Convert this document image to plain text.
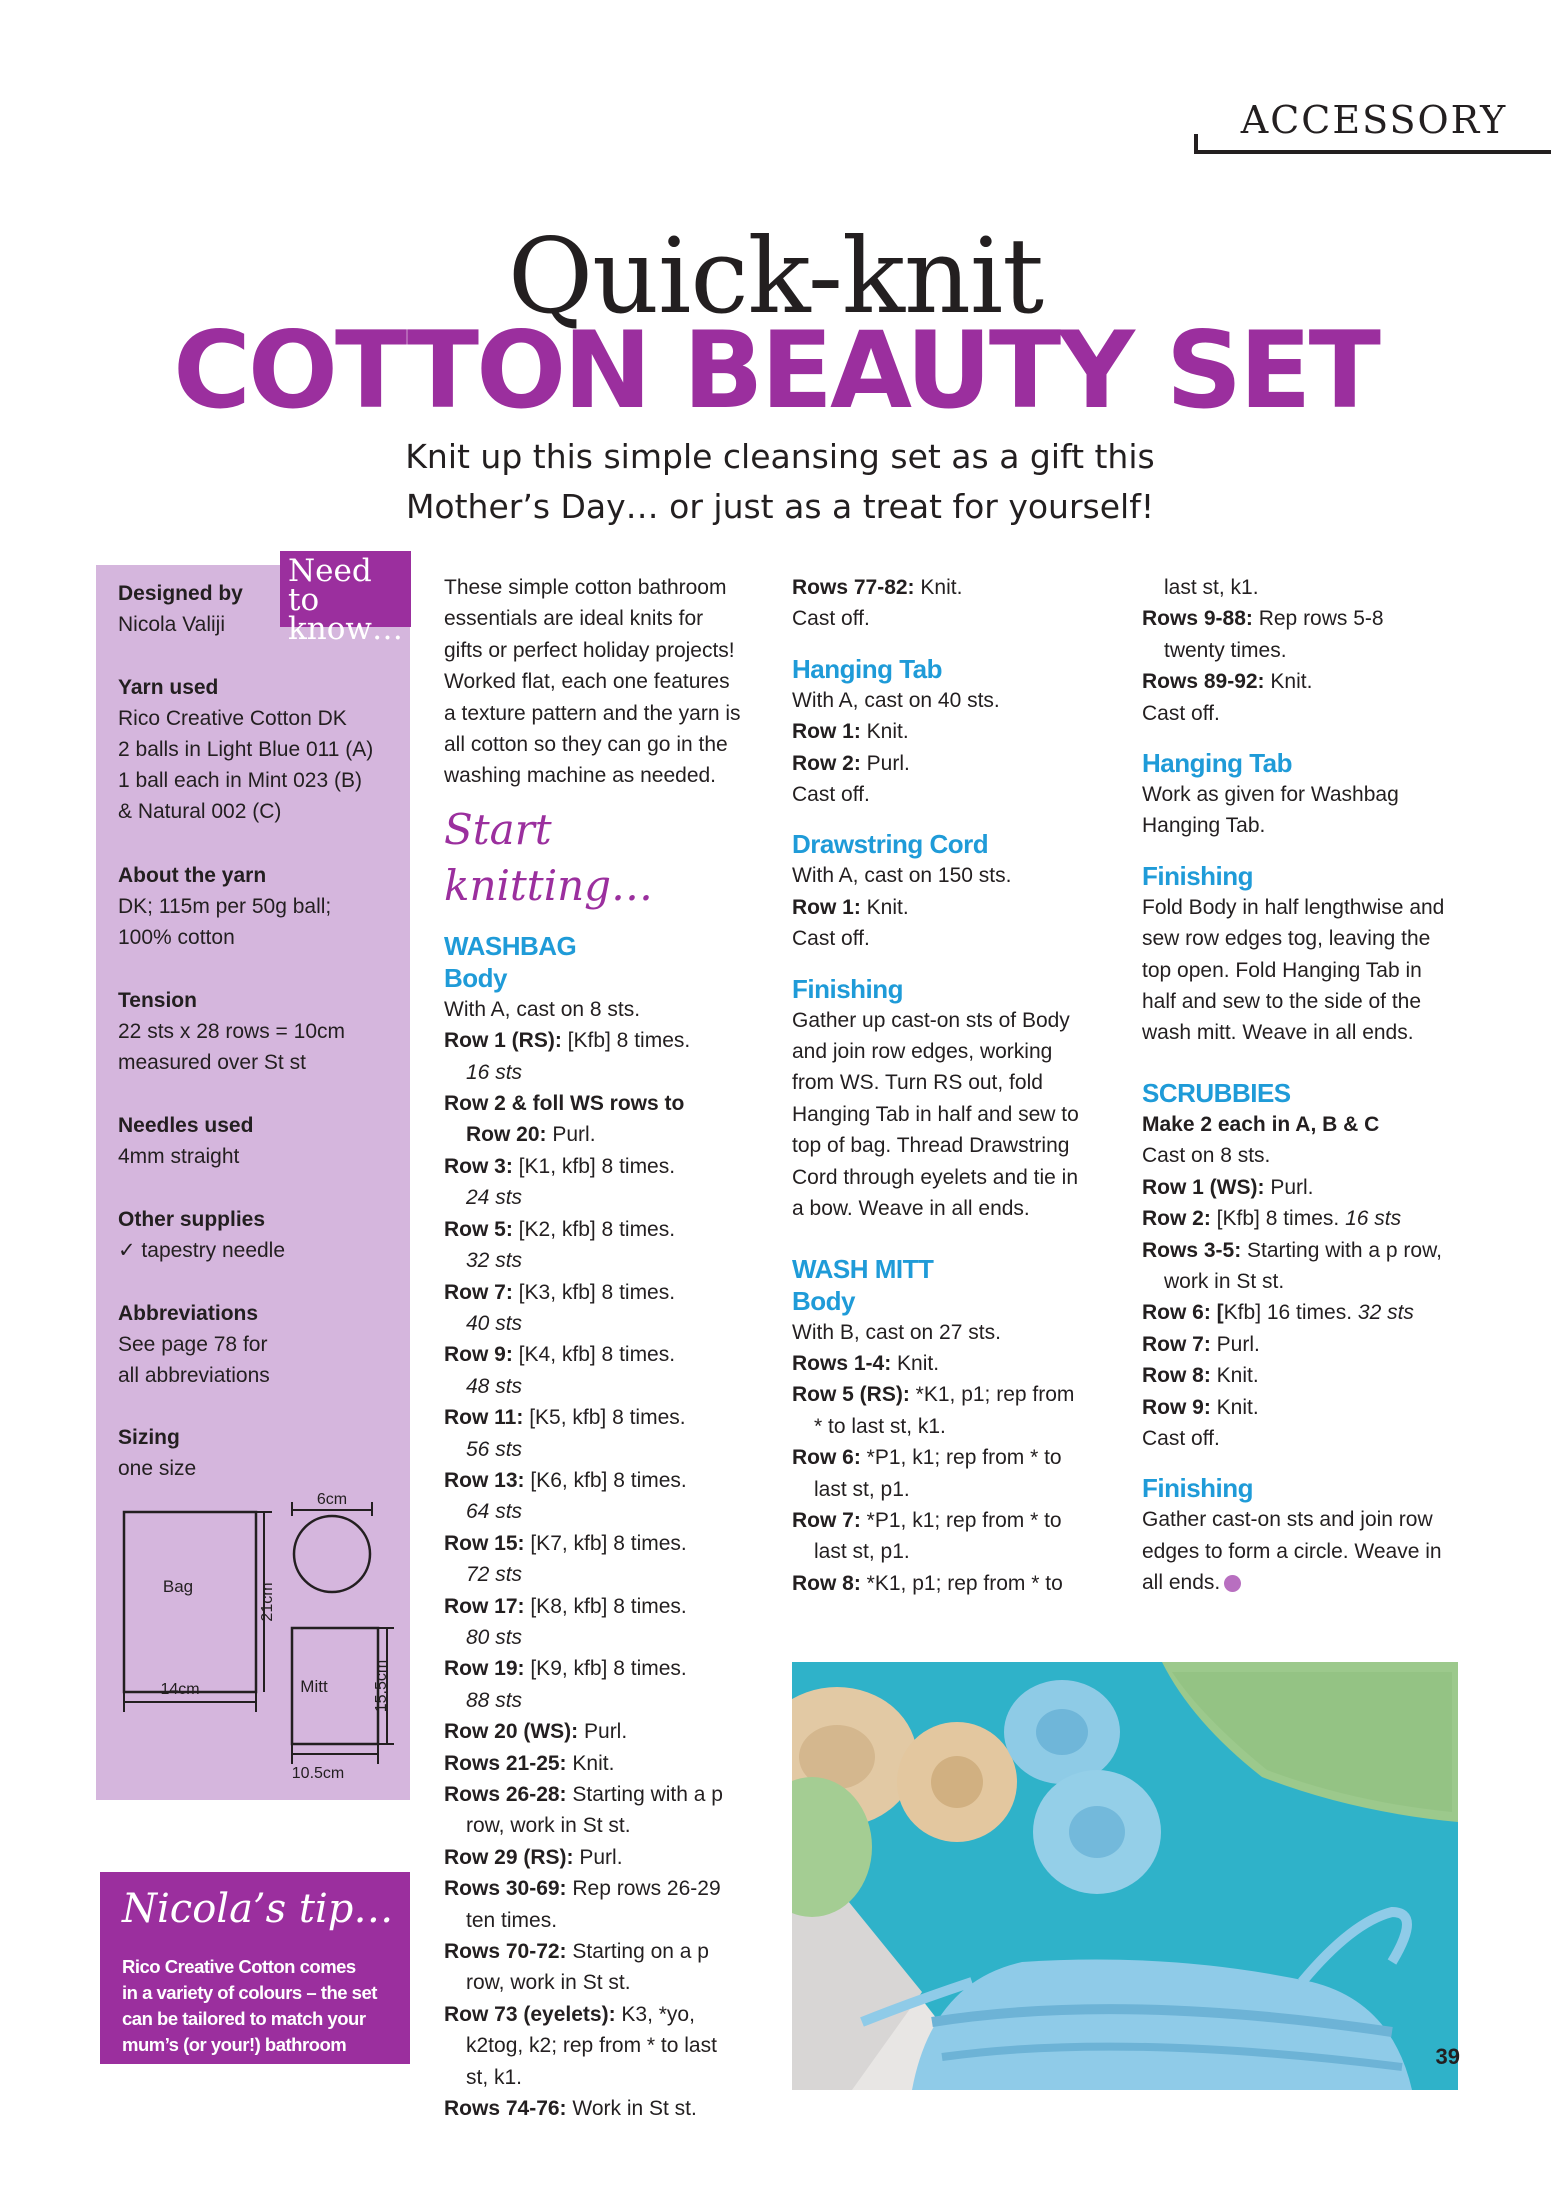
ACCESSORY
Quick-knit
COTTON BEAUTY SET
Knit up this simple cleansing set as a gift this
Mother’s Day… or just as a treat for yourself!
Need to
know…
Designed by
Nicola Valiji
Yarn used
Rico Creative Cotton DK
2 balls in Light Blue 011 (A)
1 ball each in Mint 023 (B)
& Natural 002 (C)
About the yarn
DK; 115m per 50g ball;
100% cotton
Tension
22 sts x 28 rows = 10cm
measured over St st
Needles used
4mm straight
Other supplies
✓ tapestry needle
Abbreviations
See page 78 for
all abbreviations
Sizing
one size
Bag
14cm
21cm
6cm
Mitt
10.5cm
15.5cm
Nicola’s tip…
Rico Creative Cotton comes
in a variety of colours – the set
can be tailored to match your
mum’s (or your!) bathroom

These simple cotton bathroom

essentials are ideal knits for

gifts or perfect holiday projects!

Worked flat, each one features

a texture pattern and the yarn is

all cotton so they can go in the

washing machine as needed.

Start knitting…
WASHBAG
Body

With A, cast on 8 sts.

Row 1 (RS): [Kfb] 8 times.

16 sts

Row 2 & foll WS rows to

Row 20: Purl.

Row 3: [K1, kfb] 8 times.

24 sts

Row 5: [K2, kfb] 8 times.

32 sts

Row 7: [K3, kfb] 8 times.

40 sts

Row 9: [K4, kfb] 8 times.

48 sts

Row 11: [K5, kfb] 8 times.

56 sts

Row 13: [K6, kfb] 8 times.

64 sts

Row 15: [K7, kfb] 8 times.

72 sts

Row 17: [K8, kfb] 8 times.

80 sts

Row 19: [K9, kfb] 8 times.

88 sts

Row 20 (WS): Purl.

Rows 21-25: Knit.

Rows 26-28: Starting with a p

row, work in St st.

Row 29 (RS): Purl.

Rows 30-69: Rep rows 26-29

ten times.

Rows 70-72: Starting on a p

row, work in St st.

Row 73 (eyelets): K3, *yo,

k2tog, k2; rep from * to last

st, k1.

Rows 74-76: Work in St st.

Rows 77-82: Knit.

Cast off.

Hanging Tab

With A, cast on 40 sts.

Row 1: Knit.

Row 2: Purl.

Cast off.

Drawstring Cord

With A, cast on 150 sts.

Row 1: Knit.

Cast off.

Finishing

Gather up cast-on sts of Body

and join row edges, working

from WS. Turn RS out, fold

Hanging Tab in half and sew to

top of bag. Thread Drawstring

Cord through eyelets and tie in

a bow. Weave in all ends.

WASH MITT
Body

With B, cast on 27 sts.

Rows 1-4: Knit.

Row 5 (RS): *K1, p1; rep from

* to last st, k1.

Row 6: *P1, k1; rep from * to

last st, p1.

Row 7: *P1, k1; rep from * to

last st, p1.

Row 8: *K1, p1; rep from * to

last st, k1.

Rows 9-88: Rep rows 5-8

twenty times.

Rows 89-92: Knit.

Cast off.

Hanging Tab

Work as given for Washbag

Hanging Tab.

Finishing

Fold Body in half lengthwise and

sew row edges tog, leaving the

top open. Fold Hanging Tab in

half and sew to the side of the

wash mitt. Weave in all ends.

SCRUBBIES

Make 2 each in A, B & C

Cast on 8 sts.

Row 1 (WS): Purl.

Row 2: [Kfb] 8 times. 16 sts

Rows 3-5: Starting with a p row,

work in St st.

Row 6: [Kfb] 16 times. 32 sts

Row 7: Purl.

Row 8: Knit.

Row 9: Knit.

Cast off.

Finishing

Gather cast-on sts and join row

edges to form a circle. Weave in

all ends.

39
